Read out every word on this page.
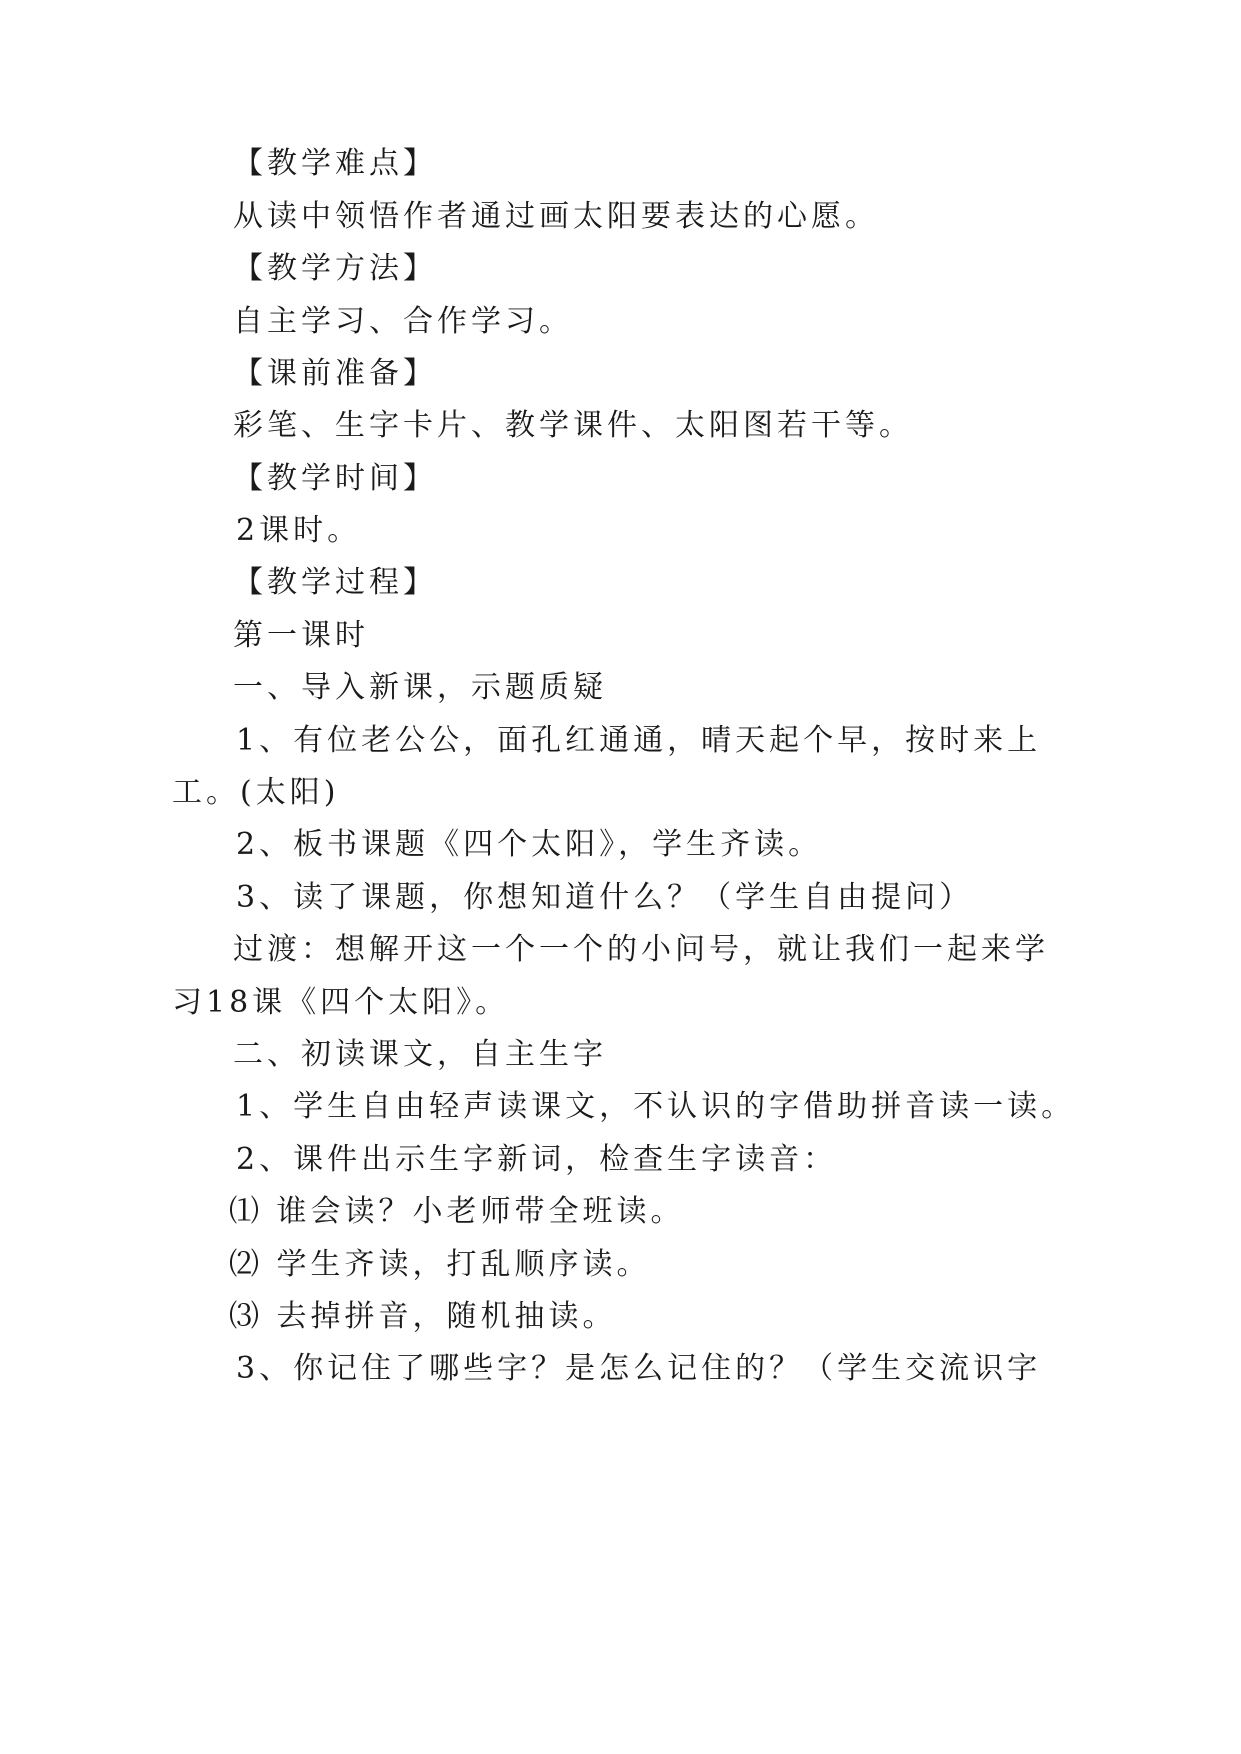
【教学难点】
从读中领悟作者通过画太阳要表达的心愿。
【教学方法】
自主学习、合作学习。
【课前准备】
彩笔、生字卡片、教学课件、太阳图若干等。
【教学时间】
2课时。
【教学过程】
第一课时
一、导入新课，示题质疑
1、有位老公公，面孔红通通，晴天起个早，按时来上
工。(太阳)
2、板书课题《四个太阳》，学生齐读。
3、读了课题，你想知道什么？（学生自由提问）
过渡：想解开这一个一个的小问号，就让我们一起来学
习18课《四个太阳》。
二、初读课文，自主生字
1、学生自由轻声读课文，不认识的字借助拼音读一读。
2、课件出示生字新词，检查生字读音：
⑴ 谁会读？小老师带全班读。
⑵ 学生齐读，打乱顺序读。
⑶ 去掉拼音，随机抽读。
3、你记住了哪些字？是怎么记住的？（学生交流识字
